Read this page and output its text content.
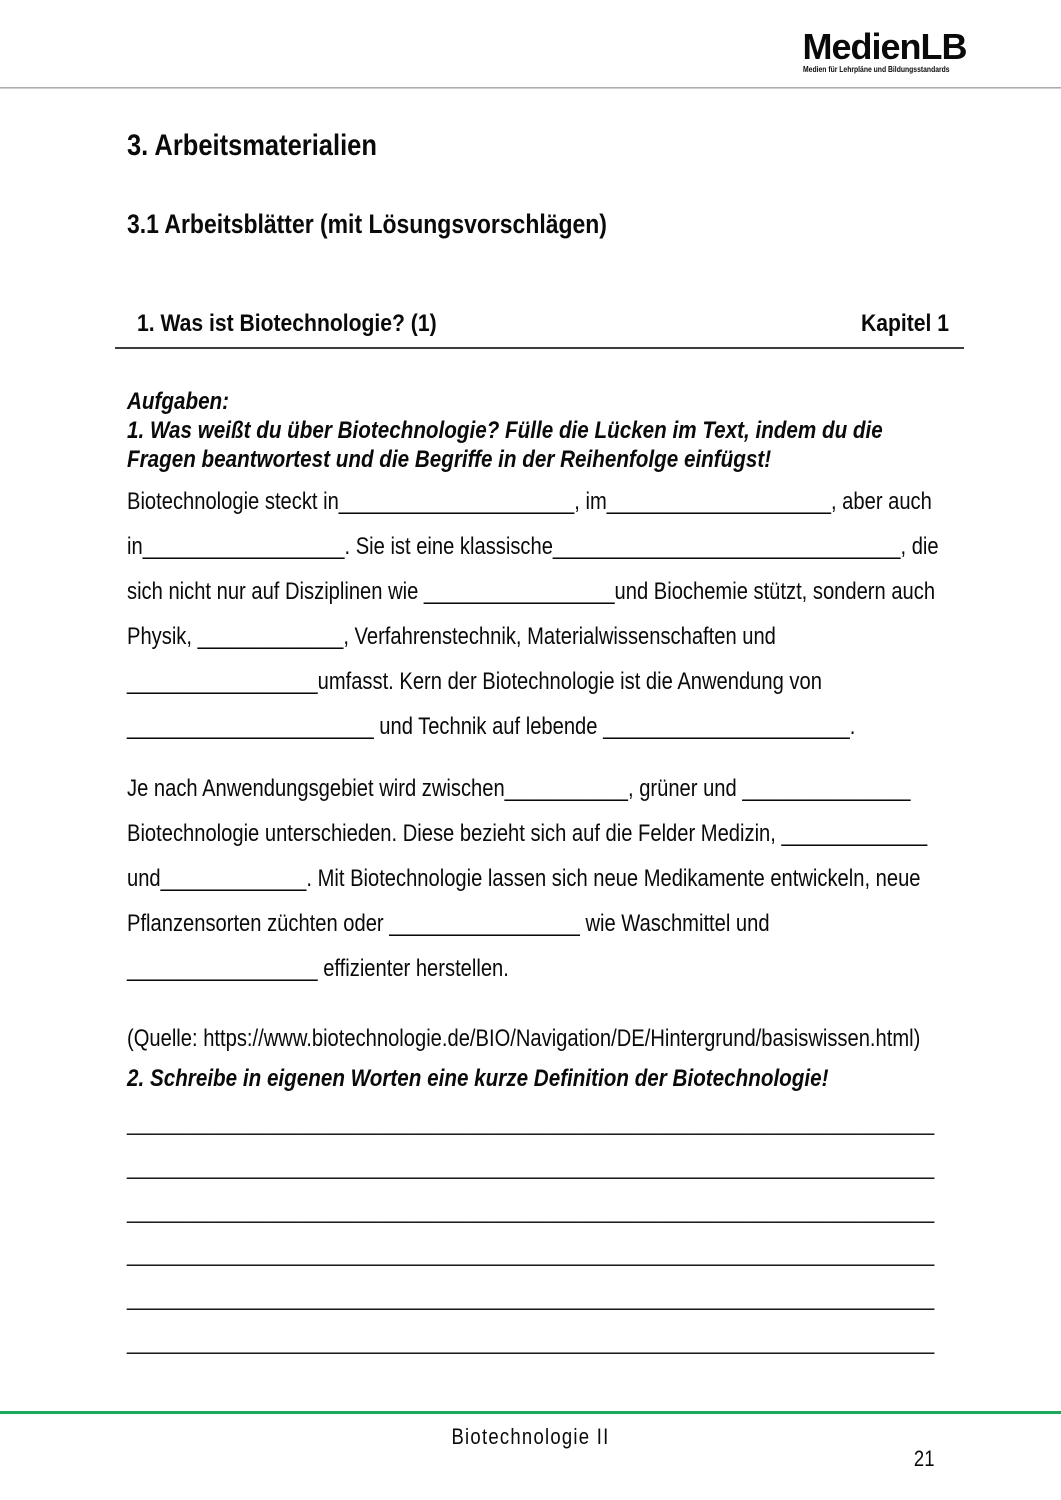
MedienLB
Medien für Lehrpläne und Bildungsstandards
3. Arbeitsmaterialien
3.1 Arbeitsblätter (mit Lösungsvorschlägen)
1. Was ist Biotechnologie? (1)	Kapitel 1
Aufgaben:
1. Was weißt du über Biotechnologie? Fülle die Lücken im Text, indem du die
Fragen beantwortest und die Begriffe in der Reihenfolge einfügst!
Biotechnologie steckt in_____________________, im____________________, aber auch
in__________________. Sie ist eine klassische_______________________________, die
sich nicht nur auf Disziplinen wie _________________und Biochemie stützt, sondern auch
Physik, _____________, Verfahrenstechnik, Materialwissenschaften und
_________________umfasst. Kern der Biotechnologie ist die Anwendung von
______________________ und Technik auf lebende ______________________.
Je nach Anwendungsgebiet wird zwischen___________, grüner und _______________
Biotechnologie unterschieden. Diese bezieht sich auf die Felder Medizin, _____________
und_____________. Mit Biotechnologie lassen sich neue Medikamente entwickeln, neue
Pflanzensorten züchten oder _________________ wie Waschmittel und
_________________ effizienter herstellen.
(Quelle: https://www.biotechnologie.de/BIO/Navigation/DE/Hintergrund/basiswissen.html)
2. Schreibe in eigenen Worten eine kurze Definition der Biotechnologie!
________________________________________________________________________
________________________________________________________________________
________________________________________________________________________
________________________________________________________________________
________________________________________________________________________
________________________________________________________________________
Biotechnologie II
21
